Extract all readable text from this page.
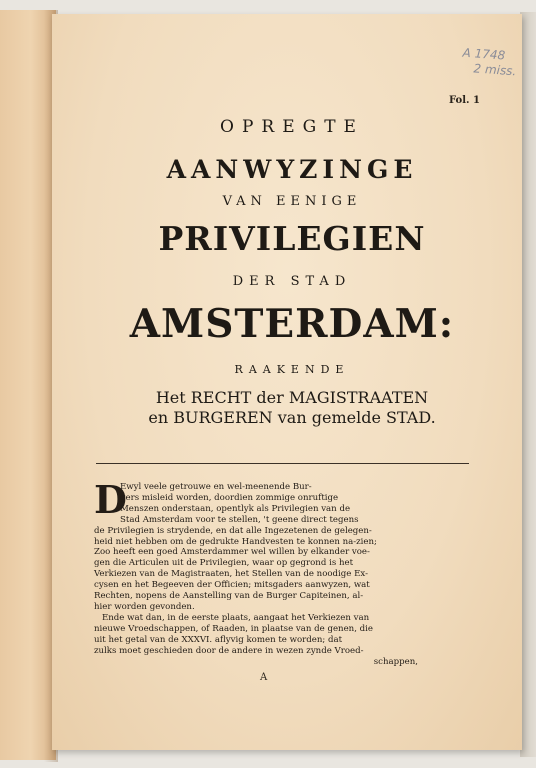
A 1748
2 miss.
Fol. 1
OPREGTE
AANWYZINGE
VAN EENIGE
PRIVILEGIEN
DER STAD
AMSTERDAM:
RAAKENDE
Het RECHT der MAGISTRAATEN
en BURGEREN van gemelde STAD.
D
Ewyl veele getrouwe en wel-meenende Bur-
gers misleid worden, doordien zommige onruftige
Menszen onderstaan, opentlyk als Privilegien van de
Stad Amsterdam voor te stellen, 't geene direct tegens
de Privilegien is strydende, en dat alle Ingezetenen de gelegen-
heid niet hebben om de gedrukte Handvesten te konnen na-zien;
Zoo heeft een goed Amsterdammer wel willen by elkander voe-
gen die Articulen uit de Privilegien, waar op gegrond is het
Verkiezen van de Magistraaten, het Stellen van de noodige Ex-
cysen en het Begeeven der Officien; mitsgaders aanwyzen, wat
Rechten, nopens de Aanstelling van de Burger Capiteinen, al-
hier worden gevonden.
Ende wat dan, in de eerste plaats, aangaat het Verkiezen van
nieuwe Vroedschappen, of Raaden, in plaatse van de genen, die
uit het getal van de XXXVI. aflyvig komen te worden; dat
zulks moet geschieden door de andere in wezen zynde Vroed-
schappen,
A
